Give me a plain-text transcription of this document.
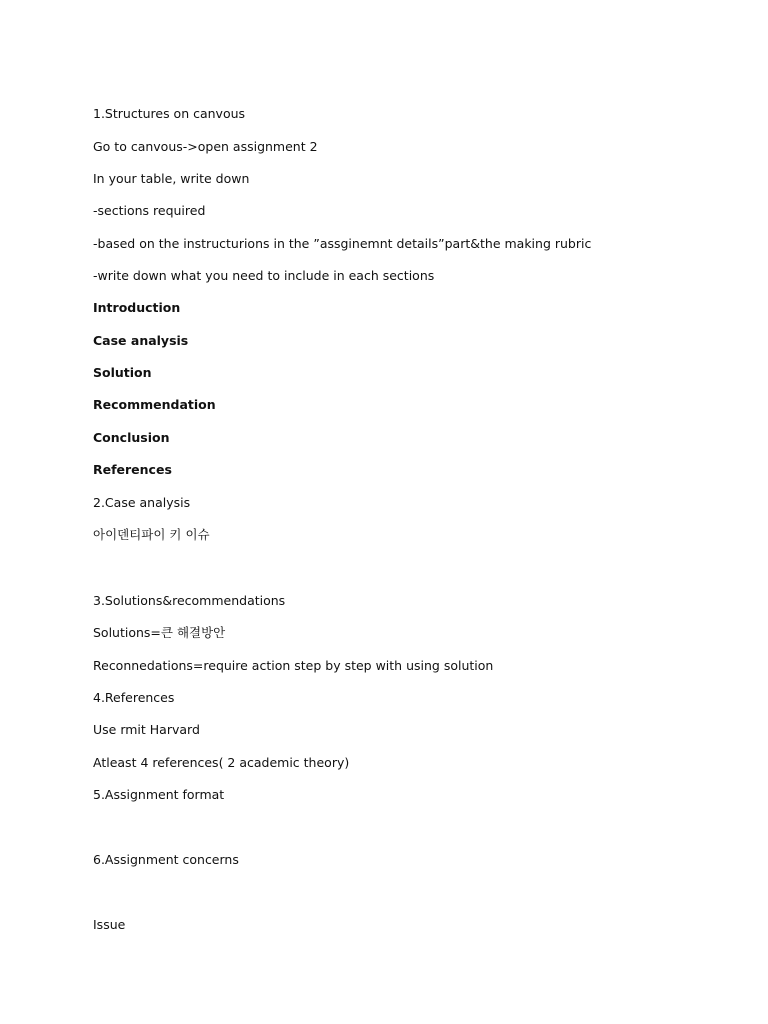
1.Structures on canvous

Go to canvous->open assignment 2

In your table, write down

-sections required

-based on the instructurions in the ”assginemnt details”part&the making rubric

-write down what you need to include in each sections

Introduction

Case analysis

Solution

Recommendation

Conclusion

References

2.Case analysis

아이덴티파이 키 이슈

3.Solutions&recommendations

Solutions=큰 해결방안

Reconnedations=require action step by step with using solution

4.References

Use rmit Harvard

Atleast 4 references( 2 academic theory)

5.Assignment format

6.Assignment concerns

Issue
